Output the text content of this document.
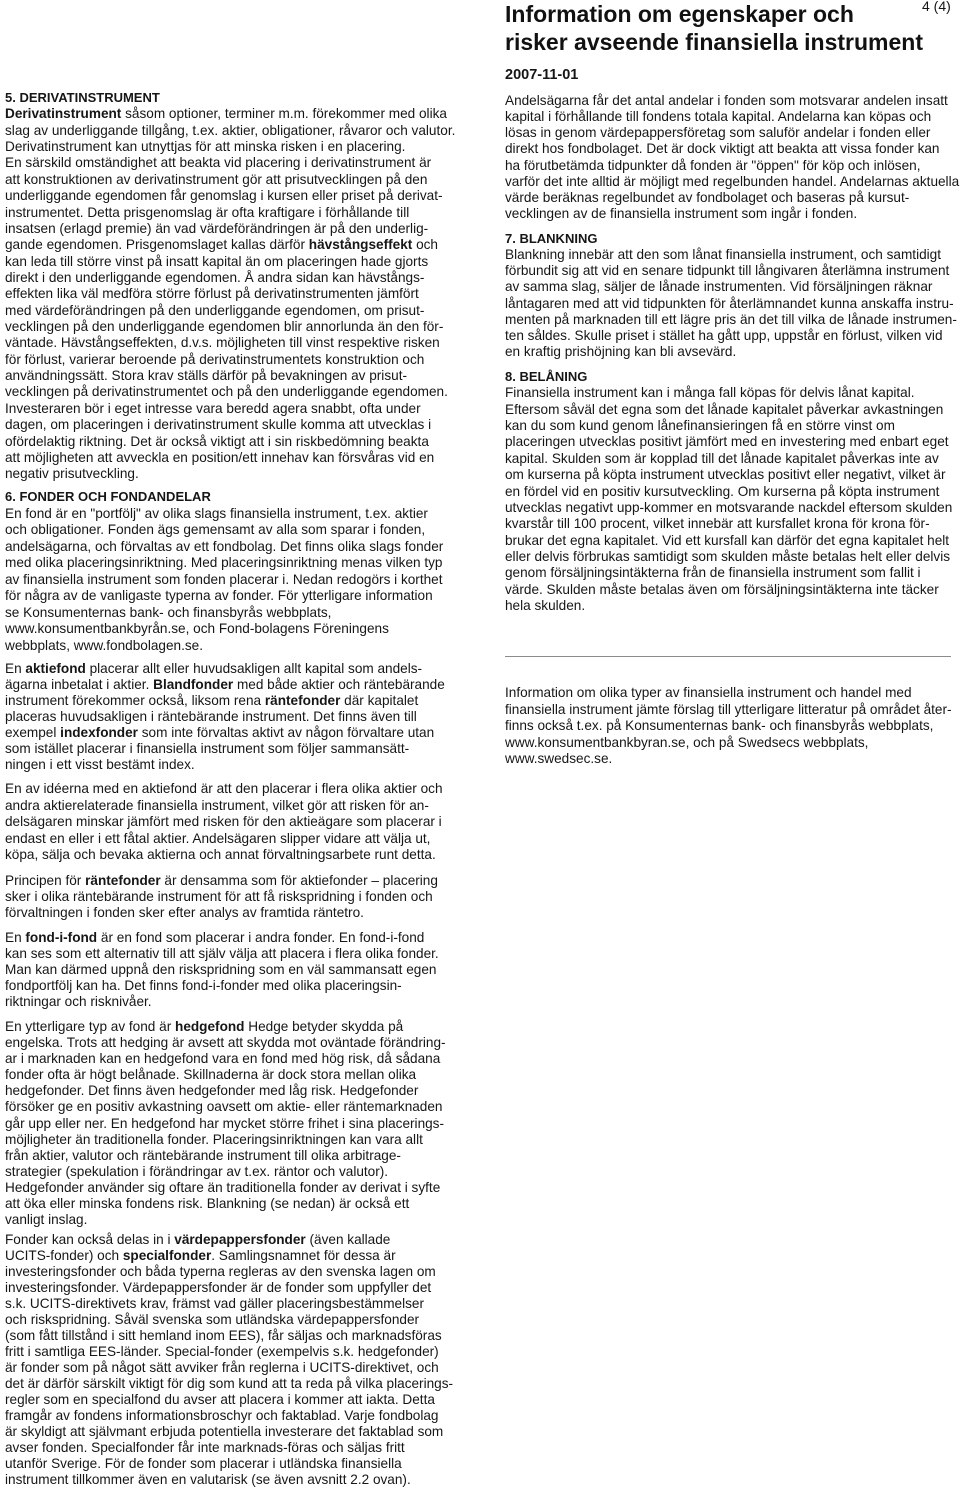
Information om egenskaper och
risker avseende finansiella instrument
4 (4)
2007-11-01
5. DERIVATINSTRUMENT
Derivatinstrument såsom optioner, terminer m.m. förekommer med olika
slag av underliggande tillgång, t.ex. aktier, obligationer, råvaror och valutor.
Derivatinstrument kan utnyttjas för att minska risken i en placering.
En särskild omständighet att beakta vid placering i derivatinstrument är
att konstruktionen av derivatinstrument gör att prisutvecklingen på den
underliggande egendomen får genomslag i kursen eller priset på derivat-
instrumentet. Detta prisgenomslag är ofta kraftigare i förhållande till
insatsen (erlagd premie) än vad värdeförändringen är på den underlig-
gande egendomen. Prisgenomslaget kallas därför hävstångseffekt och
kan leda till större vinst på insatt kapital än om placeringen hade gjorts
direkt i den underliggande egendomen. Å andra sidan kan hävstångs-
effekten lika väl medföra större förlust på derivatinstrumenten jämfört
med värdeförändringen på den underliggande egendomen, om prisut-
vecklingen på den underliggande egendomen blir annorlunda än den för-
väntade. Hävstångseffekten, d.v.s. möjligheten till vinst respektive risken
för förlust, varierar beroende på derivatinstrumentets konstruktion och
användningssätt. Stora krav ställs därför på bevakningen av prisut-
vecklingen på derivatinstrumentet och på den underliggande egendomen.
Investeraren bör i eget intresse vara beredd agera snabbt, ofta under
dagen, om placeringen i derivatinstrument skulle komma att utvecklas i
ofördelaktig riktning. Det är också viktigt att i sin riskbedömning beakta
att möjligheten att avveckla en position/ett innehav kan försvåras vid en
negativ prisutveckling.
6. FONDER OCH FONDANDELAR
En fond är en "portfölj" av olika slags finansiella instrument, t.ex. aktier
och obligationer. Fonden ägs gemensamt av alla som sparar i fonden,
andelsägarna, och förvaltas av ett fondbolag. Det finns olika slags fonder
med olika placeringsinriktning. Med placeringsinriktning menas vilken typ
av finansiella instrument som fonden placerar i. Nedan redogörs i korthet
för några av de vanligaste typerna av fonder. För ytterligare information
se Konsumenternas bank- och finansbyrås webbplats,
www.konsumentbankbyrån.se, och Fond-bolagens Föreningens
webbplats, www.fondbolagen.se.
En aktiefond placerar allt eller huvudsakligen allt kapital som andels-
ägarna inbetalat i aktier. Blandfonder med både aktier och räntebärande
instrument förekommer också, liksom rena räntefonder där kapitalet
placeras huvudsakligen i räntebärande instrument. Det finns även till
exempel indexfonder som inte förvaltas aktivt av någon förvaltare utan
som istället placerar i finansiella instrument som följer sammansätt-
ningen i ett visst bestämt index.
En av idéerna med en aktiefond är att den placerar i flera olika aktier och
andra aktierelaterade finansiella instrument, vilket gör att risken för an-
delsägaren minskar jämfört med risken för den aktieägare som placerar i
endast en eller i ett fåtal aktier. Andelsägaren slipper vidare att välja ut,
köpa, sälja och bevaka aktierna och annat förvaltningsarbete runt detta.
Principen för räntefonder är densamma som för aktiefonder – placering
sker i olika räntebärande instrument för att få riskspridning i fonden och
förvaltningen i fonden sker efter analys av framtida räntetro.
En fond-i-fond är en fond som placerar i andra fonder. En fond-i-fond
kan ses som ett alternativ till att själv välja att placera i flera olika fonder.
Man kan därmed uppnå den riskspridning som en väl sammansatt egen
fondportfölj kan ha. Det finns fond-i-fonder med olika placeringsin-
riktningar och risknivåer.
En ytterligare typ av fond är hedgefond Hedge betyder skydda på
engelska. Trots att hedging är avsett att skydda mot oväntade förändring-
ar i marknaden kan en hedgefond vara en fond med hög risk, då sådana
fonder ofta är högt belånade. Skillnaderna är dock stora mellan olika
hedgefonder. Det finns även hedgefonder med låg risk. Hedgefonder
försöker ge en positiv avkastning oavsett om aktie- eller räntemarknaden
går upp eller ner. En hedgefond har mycket större frihet i sina placerings-
möjligheter än traditionella fonder. Placeringsinriktningen kan vara allt
från aktier, valutor och räntebärande instrument till olika arbitrage-
strategier (spekulation i förändringar av t.ex. räntor och valutor).
Hedgefonder använder sig oftare än traditionella fonder av derivat i syfte
att öka eller minska fondens risk. Blankning (se nedan) är också ett
vanligt inslag.
Fonder kan också delas in i värdepappersfonder (även kallade
UCITS-fonder) och specialfonder. Samlingsnamnet för dessa är
investeringsfonder och båda typerna regleras av den svenska lagen om
investeringsfonder. Värdepappersfonder är de fonder som uppfyller det
s.k. UCITS-direktivets krav, främst vad gäller placeringsbestämmelser
och riskspridning. Såväl svenska som utländska värdepappersfonder
(som fått tillstånd i sitt hemland inom EES), får säljas och marknadsföras
fritt i samtliga EES-länder. Special-fonder (exempelvis s.k. hedgefonder)
är fonder som på något sätt avviker från reglerna i UCITS-direktivet, och
det är därför särskilt viktigt för dig som kund att ta reda på vilka placerings-
regler som en specialfond du avser att placera i kommer att iakta. Detta
framgår av fondens informationsbroschyr och faktablad. Varje fondbolag
är skyldigt att självmant erbjuda potentiella investerare det faktablad som
avser fonden. Specialfonder får inte marknads-föras och säljas fritt
utanför Sverige. För de fonder som placerar i utländska finansiella
instrument tillkommer även en valutarisk (se även avsnitt 2.2 ovan).
Andelsägarna får det antal andelar i fonden som motsvarar andelen insatt
kapital i förhållande till fondens totala kapital. Andelarna kan köpas och
lösas in genom värdepappersföretag som saluför andelar i fonden eller
direkt hos fondbolaget. Det är dock viktigt att beakta att vissa fonder kan
ha förutbetämda tidpunkter då fonden är "öppen" för köp och inlösen,
varför det inte alltid är möjligt med regelbunden handel. Andelarnas aktuella
värde beräknas regelbundet av fondbolaget och baseras på kursut-
vecklingen av de finansiella instrument som ingår i fonden.
7. BLANKNING
Blankning innebär att den som lånat finansiella instrument, och samtidigt
förbundit sig att vid en senare tidpunkt till långivaren återlämna instrument
av samma slag, säljer de lånade instrumenten. Vid försäljningen räknar
låntagaren med att vid tidpunkten för återlämnandet kunna anskaffa instru-
menten på marknaden till ett lägre pris än det till vilka de lånade instrumen-
ten såldes. Skulle priset i stället ha gått upp, uppstår en förlust, vilken vid
en kraftig prishöjning kan bli avsevärd.
8. BELÅNING
Finansiella instrument kan i många fall köpas för delvis lånat kapital.
Eftersom såväl det egna som det lånade kapitalet påverkar avkastningen
kan du som kund genom lånefinansieringen få en större vinst om
placeringen utvecklas positivt jämfört med en investering med enbart eget
kapital. Skulden som är kopplad till det lånade kapitalet påverkas inte av
om kurserna på köpta instrument utvecklas positivt eller negativt, vilket är
en fördel vid en positiv kursutveckling. Om kurserna på köpta instrument
utvecklas negativt upp-kommer en motsvarande nackdel eftersom skulden
kvarstår till 100 procent, vilket innebär att kursfallet krona för krona för-
brukar det egna kapitalet. Vid ett kursfall kan därför det egna kapitalet helt
eller delvis förbrukas samtidigt som skulden måste betalas helt eller delvis
genom försäljningsintäkterna från de finansiella instrument som fallit i
värde. Skulden måste betalas även om försäljningsintäkterna inte täcker
hela skulden.
Information om olika typer av finansiella instrument och handel med
finansiella instrument jämte förslag till ytterligare litteratur på området åter-
finns också t.ex. på Konsumenternas bank- och finansbyrås webbplats,
www.konsumentbankbyran.se, och på Swedsecs webbplats,
www.swedsec.se.
